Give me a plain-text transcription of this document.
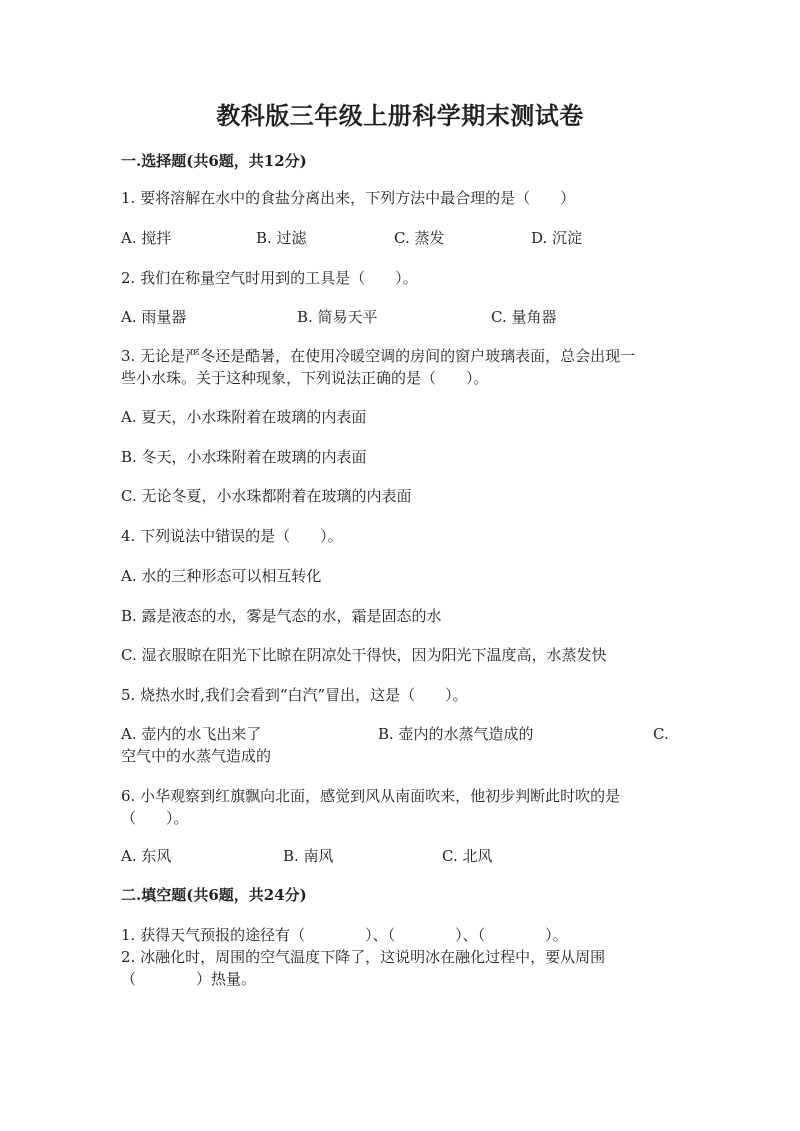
教科版三年级上册科学期末测试卷
一.选择题(共6题，共12分)
1. 要将溶解在水中的食盐分离出来，下列方法中最合理的是（　　）
A. 搅拌	B. 过滤	C. 蒸发	D. 沉淀
2. 我们在称量空气时用到的工具是（　　）。
A. 雨量器	B. 简易天平	C. 量角器
3. 无论是严冬还是酷暑，在使用冷暖空调的房间的窗户玻璃表面，总会出现一
些小水珠。关于这种现象，下列说法正确的是（　　）。
A. 夏天，小水珠附着在玻璃的内表面
B. 冬天，小水珠附着在玻璃的内表面
C. 无论冬夏，小水珠都附着在玻璃的内表面
4. 下列说法中错误的是（　　）。
A. 水的三种形态可以相互转化
B. 露是液态的水，雾是气态的水，霜是固态的水
C. 湿衣服晾在阳光下比晾在阴凉处干得快，因为阳光下温度高，水蒸发快
5. 烧热水时,我们会看到“白汽”冒出，这是（　　）。
A. 壶内的水飞出来了	B. 壶内的水蒸气造成的	C.
空气中的水蒸气造成的
6. 小华观察到红旗飘向北面，感觉到风从南面吹来，他初步判断此时吹的是
（　　）。
A. 东风	B. 南风	C. 北风
二.填空题(共6题，共24分)
1. 获得天气预报的途径有（　　　　）、（　　　　）、（　　　　）。
2. 冰融化时，周围的空气温度下降了，这说明冰在融化过程中，要从周围
（　　　　）热量。
